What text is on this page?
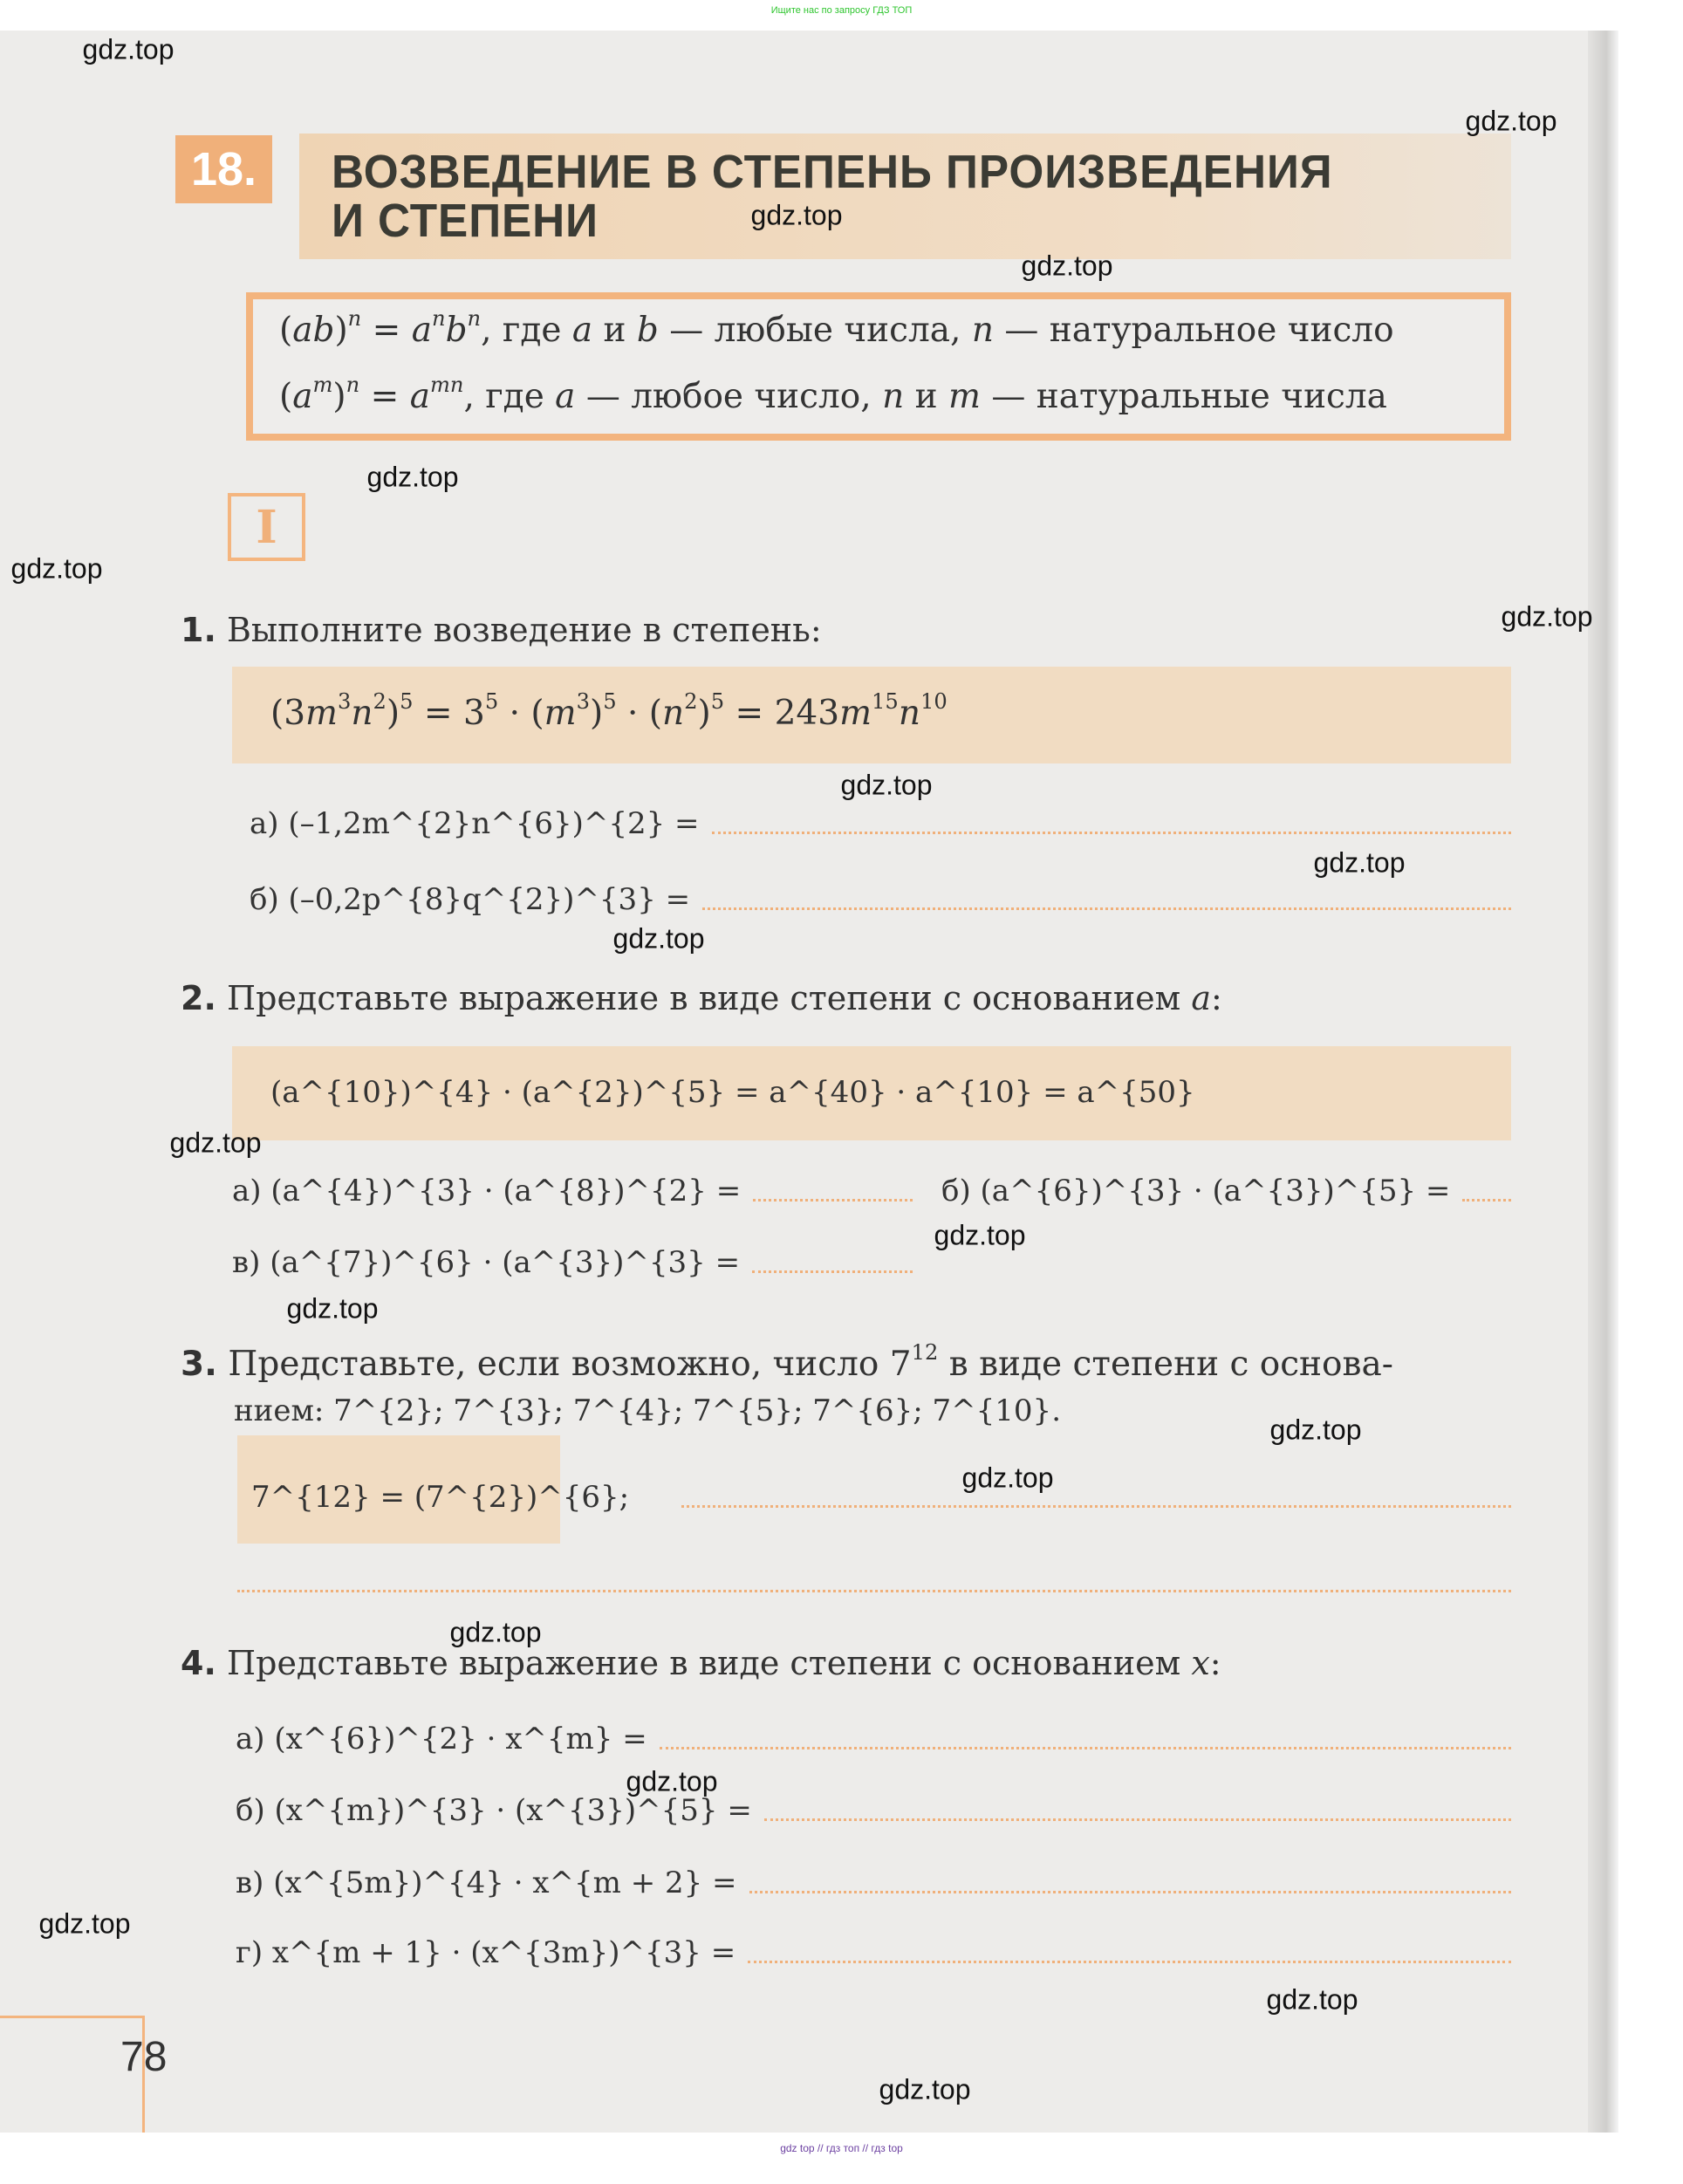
Ищите нас по запросу ГДЗ ТОП
18.	ВОЗВЕДЕНИЕ В СТЕПЕНЬ ПРОИЗВЕДЕНИЯ
И СТЕПЕНИ
$(ab)^n = a^nb^n$, где a и b — любые числа, n — натуральное число
$(a^m)^n = a^{mn}$, где a — любое число, n и m — натуральные числа
I
1. Выполните возведение в степень:
$(3m^3n^2)^5 = 3^5 \cdot (m^3)^5 \cdot (n^2)^5 = 243m^{15}n^{10}$
а) (–1,2m^{2}n^{6})^{2} =
б) (–0,2p^{8}q^{2})^{3} =
2. Представьте выражение в виде степени с основанием a:
(a^{10})^{4} · (a^{2})^{5} = a^{40} · a^{10} = a^{50}
а) (a^{4})^{3} · (a^{8})^{2} =	б) (a^{6})^{3} · (a^{3})^{5} =
в) (a^{7})^{6} · (a^{3})^{3} =
3. Представьте, если возможно, число $7^{12}$ в виде степени с основа-
нием: 7^{2}; 7^{3}; 7^{4}; 7^{5}; 7^{6}; 7^{10}.
7^{12} = (7^{2})^{6};
4. Представьте выражение в виде степени с основанием x:
а) (x^{6})^{2} · x^{m} =
б) (x^{m})^{3} · (x^{3})^{5} =
в) (x^{5m})^{4} · x^{m + 2} =
г) x^{m + 1} · (x^{3m})^{3} =
78
gdz.top
gdz.top
gdz.top
gdz.top
gdz.top
gdz.top
gdz.top
gdz.top
gdz.top
gdz.top
gdz.top
gdz.top
gdz.top
gdz.top
gdz.top
gdz.top
gdz.top
gdz.top
gdz.top
gdz.top
gdz top // гдз топ // гдз top
